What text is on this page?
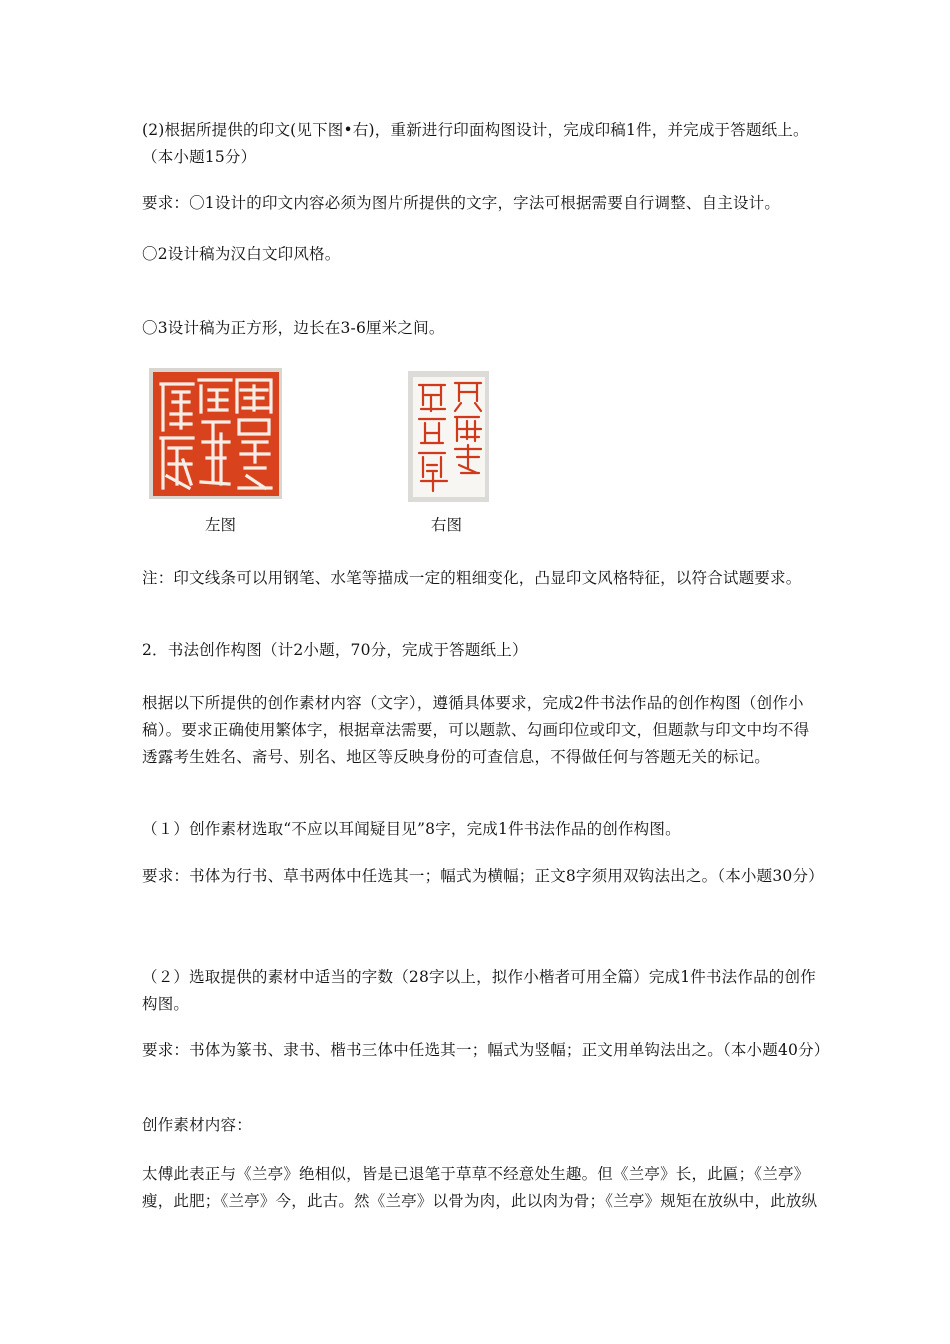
(2)根据所提供的印文(见下图•右)，重新进行印面构图设计，完成印稿1件，并完成于答题纸上。（本小题15分）

要求：〇1设计的印文内容必须为图片所提供的文字，字法可根据需要自行调整、自主设计。

〇2设计稿为汉白文印风格。

〇3设计稿为正方形，边长在3-6厘米之间。

左图	右图

注：印文线条可以用钢笔、水笔等描成一定的粗细变化，凸显印文风格特征，以符合试题要求。

2．书法创作构图（计2小题，70分，完成于答题纸上）

根据以下所提供的创作素材内容（文字），遵循具体要求，完成2件书法作品的创作构图（创作小稿）。要求正确使用繁体字，根据章法需要，可以题款、勾画印位或印文，但题款与印文中均不得透露考生姓名、斋号、别名、地区等反映身份的可查信息，不得做任何与答题无关的标记。

（１）创作素材选取“不应以耳闻疑目见”8字，完成1件书法作品的创作构图。

要求：书体为行书、草书两体中任选其一；幅式为横幅；正文8字须用双钩法出之。（本小题30分）

（２）选取提供的素材中适当的字数（28字以上，拟作小楷者可用全篇）完成1件书法作品的创作构图。

要求：书体为篆书、隶书、楷书三体中任选其一；幅式为竖幅；正文用单钩法出之。（本小题40分）

创作素材内容：

太傅此表正与《兰亭》绝相似，皆是已退笔于草草不经意处生趣。但《兰亭》长，此匾；《兰亭》瘦，此肥；《兰亭》今，此古。然《兰亭》以骨为肉，此以肉为骨；《兰亭》规矩在放纵中，此放纵
